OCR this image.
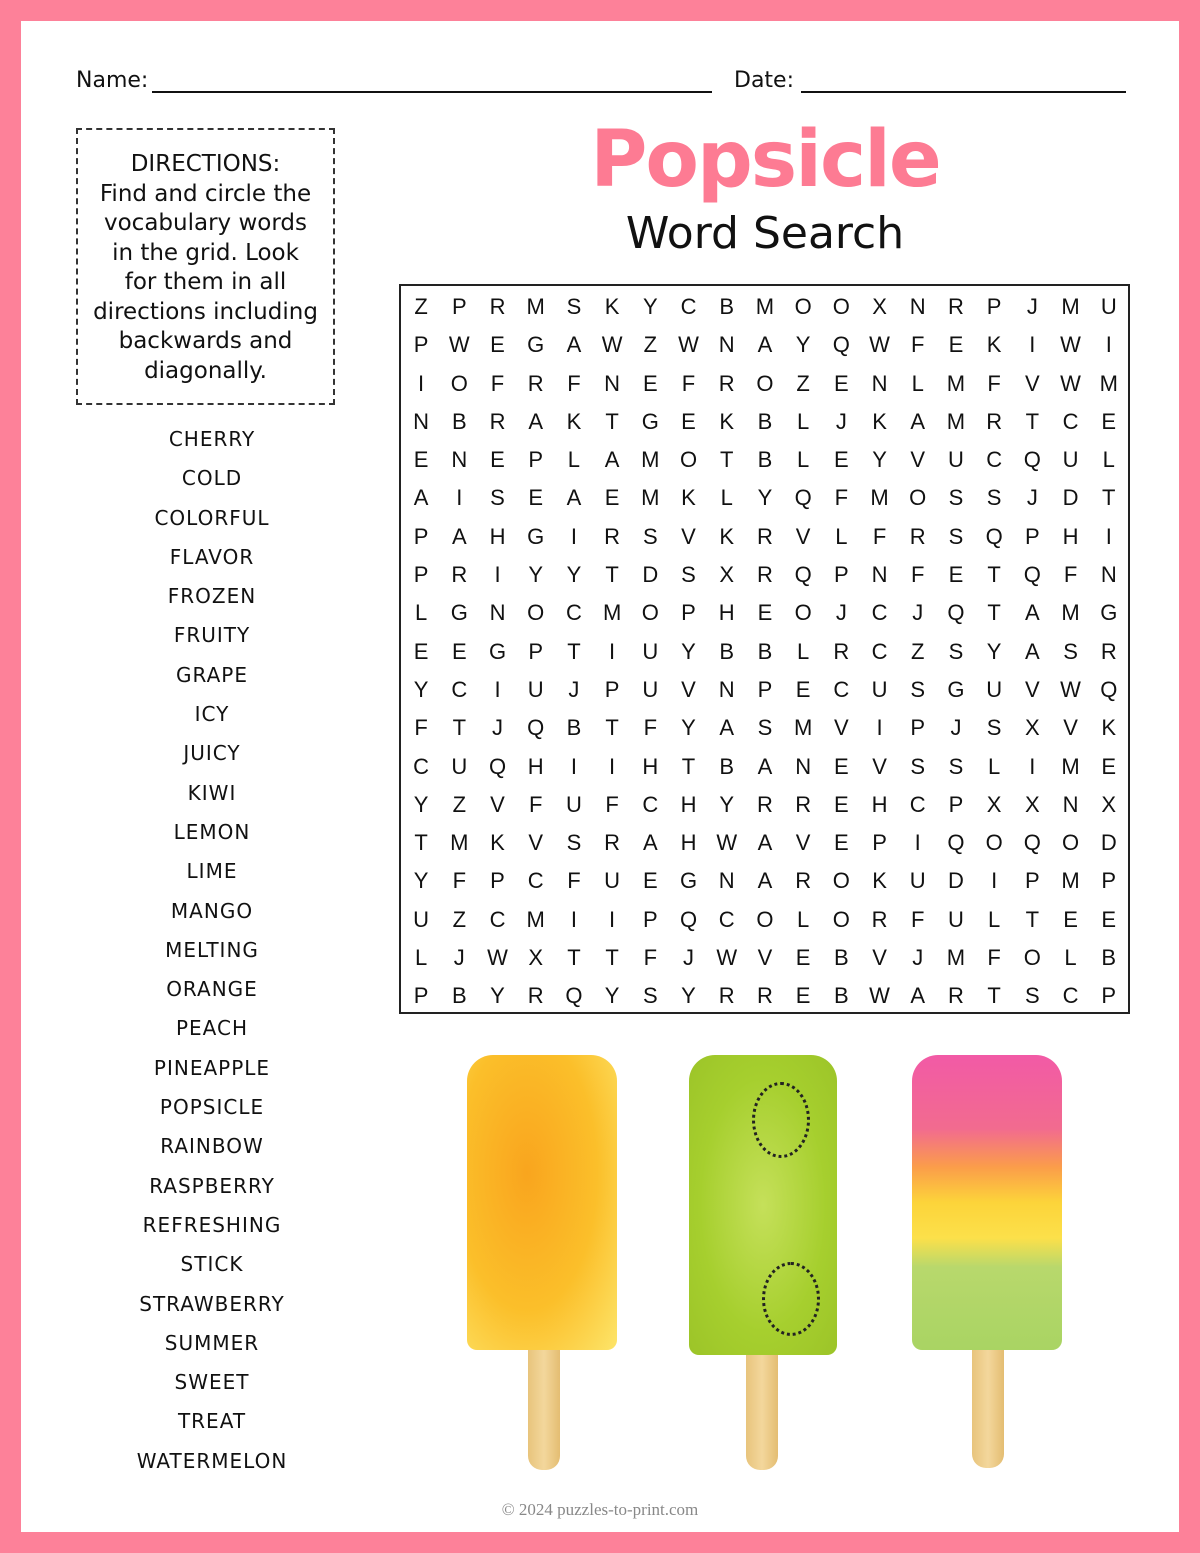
Name:	Date:
DIRECTIONS:
Find and circle the
vocabulary words
in the grid. Look
for them in all
directions including
backwards and
diagonally.
CHERRY
COLD
COLORFUL
FLAVOR
FROZEN
FRUITY
GRAPE
ICY
JUICY
KIWI
LEMON
LIME
MANGO
MELTING
ORANGE
PEACH
PINEAPPLE
POPSICLE
RAINBOW
RASPBERRY
REFRESHING
STICK
STRAWBERRY
SUMMER
SWEET
TREAT
WATERMELON
Popsicle
Word Search
Z	P	R M S	K	Y	C	B M O O	X	N	R	P	J	M U
P W E	G	A W Z W N	A	Y	Q W F	E	K	I	W	I
I	O	F	R	F	N	E	F	R O	Z	E	N	L	M	F	V W M
N	B	R	A	K	T	G	E	K	B	L	J	K	A M R	T	C	E
E	N	E	P	L	A M O	T	B	L	E	Y	V	U	C Q U	L
A	I	S	E	A	E M K	L	Y	Q	F	M O	S	S	J	D	T
P	A	H G	I	R	S	V	K	R	V	L	F	R	S	Q	P	H	I
P	R	I	Y	Y	T	D	S	X	R Q	P	N	F	E	T	Q	F	N
L	G N O C M O	P	H	E	O	J	C	J	Q	T	A M G
E	E	G	P	T	I	U	Y	B	B	L	R	C	Z	S	Y	A	S	R
Y	C	I	U	J	P	U	V	N	P	E	C	U	S	G U	V W Q
F	T	J	Q	B	T	F	Y	A	S M V	I	P	J	S	X	V	K
C	U Q H	I	I	H	T	B	A	N	E	V	S	S	L	I	M E
Y	Z	V	F	U	F	C	H	Y	R	R	E	H	C	P	X	X	N	X
T	M K	V	S	R	A	H W A	V	E	P	I	Q O Q O D
Y	F	P	C	F	U	E	G N	A	R O	K	U	D	I	P M P
U	Z	C M	I	I	P	Q C O	L	O R	F	U	L	T	E	E
L	J	W X	T	T	F	J	W V	E	B	V	J	M	F	O	L	B
P	B	Y	R Q	Y	S	Y	R	R	E	B W A	R	T	S	C	P
© 2024 puzzles-to-print.com
